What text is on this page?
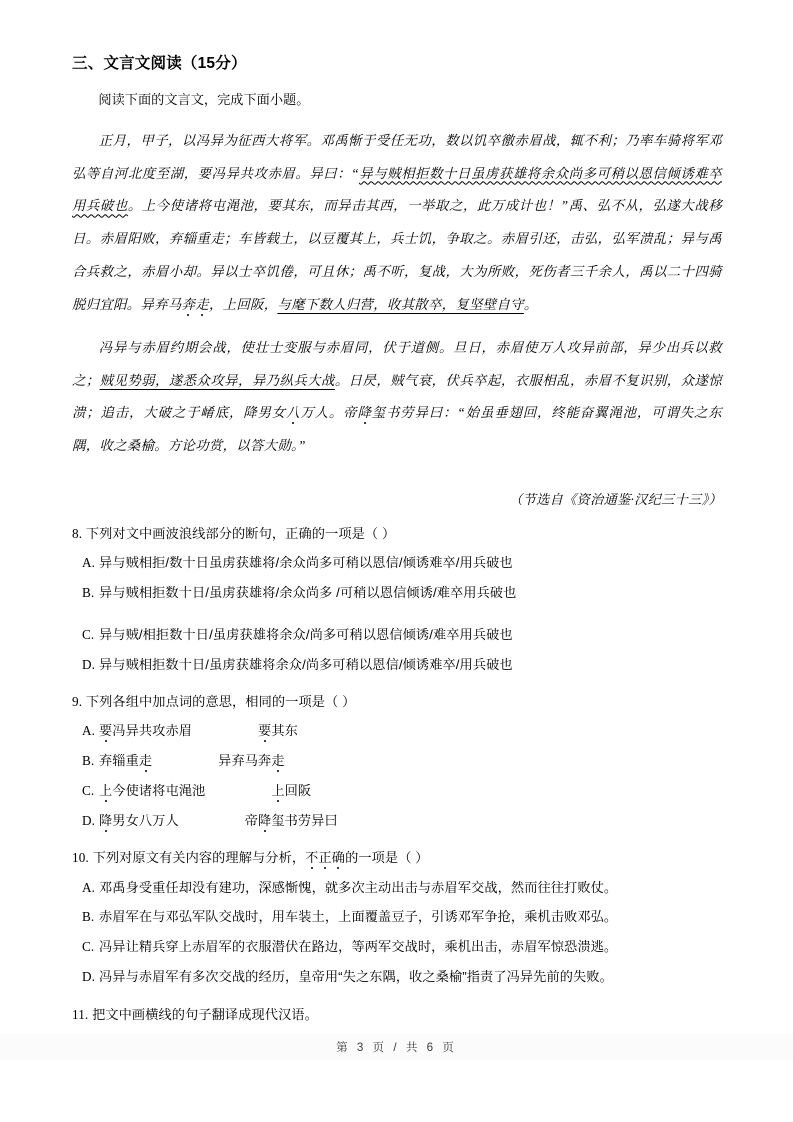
三、文言文阅读（15分）

阅读下面的文言文，完成下面小题。

正月，甲子，以冯异为征西大将军。邓禹惭于受任无功，数以饥卒徼赤眉战，辄不利；乃率车骑将军邓弘等自河北度至湖，要冯异共攻赤眉。异曰：“异与贼相拒数十日虽虏获雄将余众尚多可稍以恩信倾诱难卒用兵破也。上今使诸将屯渑池，要其东，而异击其西，一举取之，此万成计也！”禹、弘不从，弘遂大战移日。赤眉阳败，弃辎重走；车皆载土，以豆覆其上，兵士饥，争取之。赤眉引还，击弘，弘军溃乱；异与禹合兵救之，赤眉小却。异以士卒饥倦，可且休；禹不听，复战，大为所败，死伤者三千余人，禹以二十四骑脱归宜阳。异弃马奔走，上回阪，与麾下数人归营，收其散卒，复坚壁自守。

冯异与赤眉约期会战，使壮士变服与赤眉同，伏于道侧。旦日，赤眉使万人攻异前部，异少出兵以救之；贼见势弱，遂悉众攻异，异乃纵兵大战。日昃，贼气衰，伏兵卒起，衣服相乱，赤眉不复识别，众遂惊溃；追击，大破之于崤底，降男女八万人。帝降玺书劳异曰：“始虽垂翅回，终能奋翼渑池，可谓失之东隅，收之桑榆。方论功赏，以答大勋。”

（节选自《资治通鉴·汉纪三十三》）

8. 下列对文中画波浪线部分的断句，正确的一项是（ ）

A. 异与贼相拒/数十日虽虏获雄将/余众尚多可稍以恩信/倾诱难卒/用兵破也

B. 异与贼相拒数十日/虽虏获雄将/余众尚多 /可稍以恩信倾诱/难卒用兵破也

C. 异与贼/相拒数十日/虽虏获雄将余众/尚多可稍以恩信倾诱/难卒用兵破也

D. 异与贼相拒数十日/虽虏获雄将余众/尚多可稍以恩信/倾诱难卒/用兵破也

9. 下列各组中加点词的意思，相同的一项是（ ）

A. 要冯异共攻赤眉	要其东

B. 弃辎重走	异弃马奔走

C. 上今使诸将屯渑池	上回阪

D. 降男女八万人	帝降玺书劳异曰

10. 下列对原文有关内容的理解与分析，不正确的一项是（ ）

A. 邓禹身受重任却没有建功，深感惭愧，就多次主动出击与赤眉军交战，然而往往打败仗。

B. 赤眉军在与邓弘军队交战时，用车装土，上面覆盖豆子，引诱邓军争抢，乘机击败邓弘。

C. 冯异让精兵穿上赤眉军的衣服潜伏在路边，等两军交战时，乘机出击，赤眉军惊恐溃逃。

D. 冯异与赤眉军有多次交战的经历，皇帝用“失之东隅，收之桑榆”指责了冯异先前的失败。

11. 把文中画横线的句子翻译成现代汉语。

第 3 页 / 共 6 页
